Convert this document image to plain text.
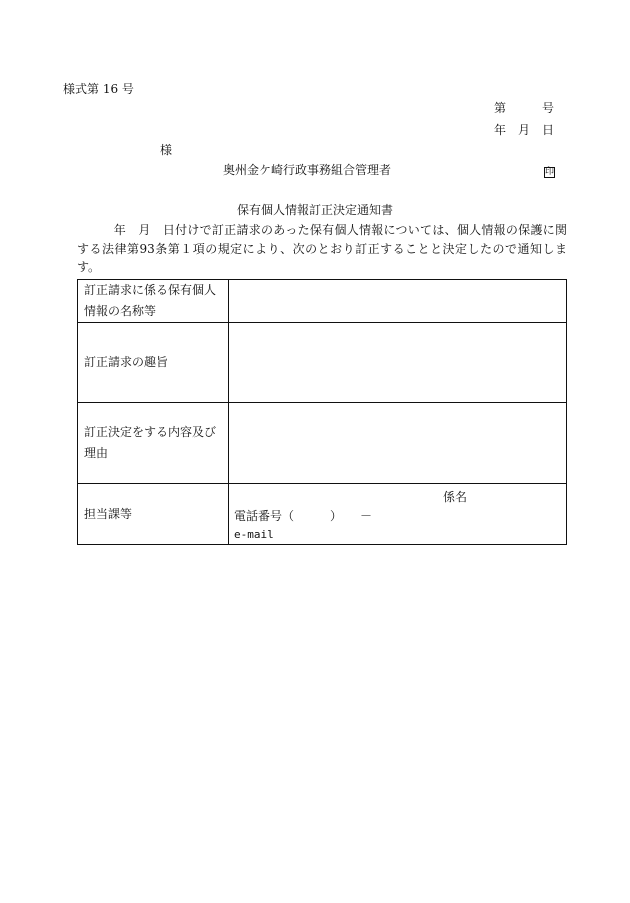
様式第 16 号
第　　　号
年　月　日
様
奥州金ケ崎行政事務組合管理者	印
保有個人情報訂正決定通知書
　　　年　月　日付けで訂正請求のあった保有個人情報については、個人情報の保護に関する法律第93条第１項の規定により、次のとおり訂正することと決定したので通知します。
訂正請求に係る保有個人情報の名称等	
訂正請求の趣旨	
訂正決定をする内容及び理由	
担当課等	係名
電話番号（　　　）　　－
e-mail
